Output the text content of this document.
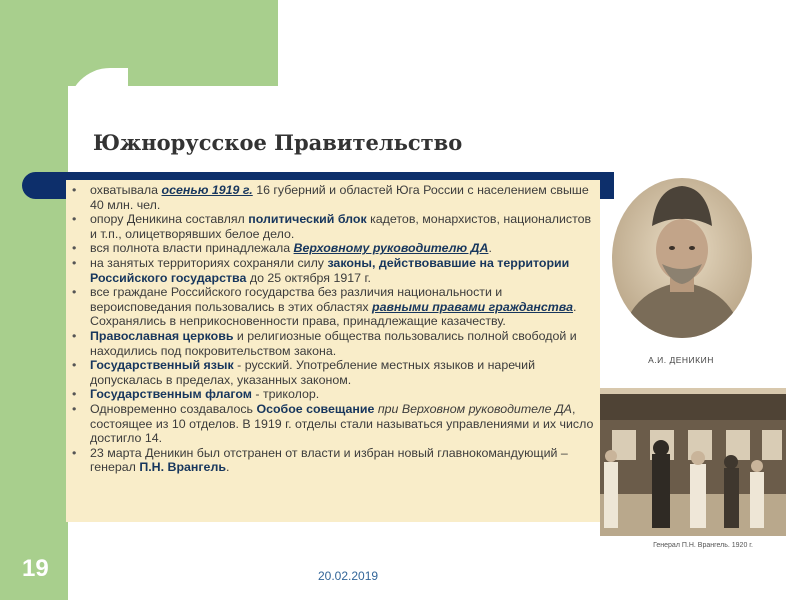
Южнорусское Правительство
• охватывала осенью 1919 г. 16 губерний и областей Юга России с населением свыше 40 млн. чел.
• опору Деникина составлял политический блок кадетов, монархистов, националистов и т.п., олицетворявших белое дело.
• вся полнота власти принадлежала Верховному руководителю ДА.
• на занятых территориях сохраняли силу законы, действовавшие на территории Российского государства до 25 октября 1917 г.
• все граждане Российского государства без различия национальности и вероисповедания пользовались в этих областях равными правами гражданства. Сохранялись в неприкосновенности права, принадлежащие казачеству.
• Православная церковь и религиозные общества пользовались полной свободой и находились под покровительством закона.
• Государственный язык - русский. Употребление местных языков и наречий допускалась в пределах, указанных законом.
• Государственным флагом - триколор.
• Одновременно создавалось Особое совещание при Верховном руководителе ДА, состоящее из 10 отделов. В 1919 г. отделы стали называться управлениями и их число достигло 14.
• 23 марта Деникин был отстранен от власти и избран новый главнокомандующий – генерал П.Н. Врангель.
А.И. ДЕНИКИН
Генерал П.Н. Врангель. 1920 г.
19	20.02.2019
